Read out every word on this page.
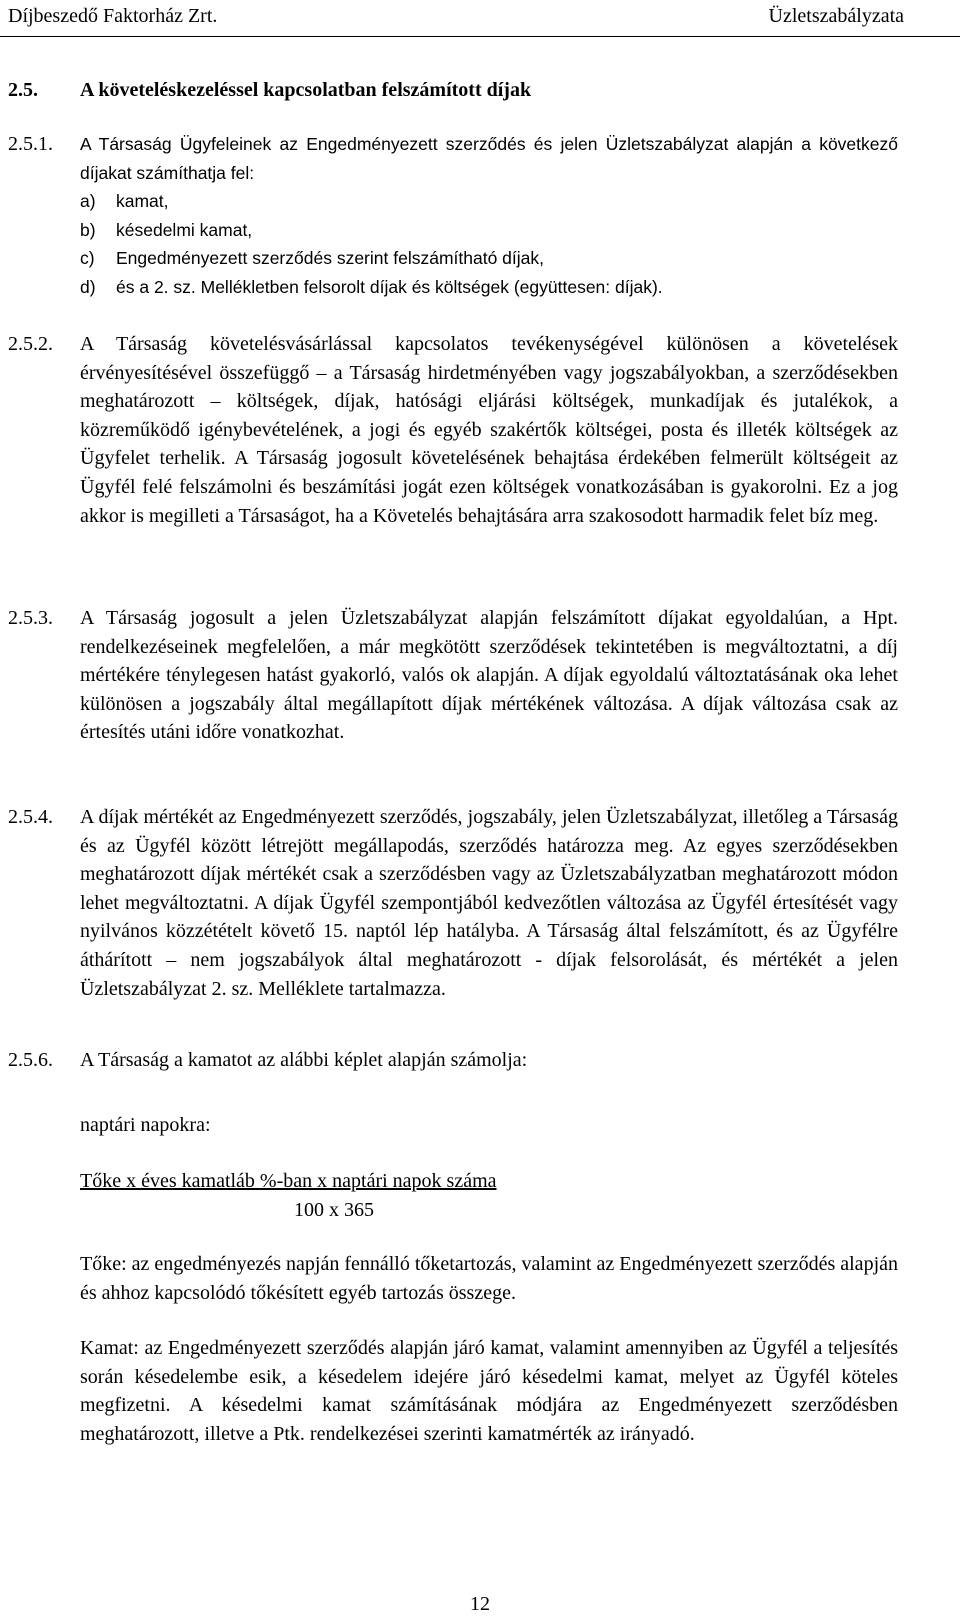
Díjbeszedő Faktorház Zrt.	Üzletszabályzata
2.5. A követeléskezeléssel kapcsolatban felszámított díjak
2.5.1. A Társaság Ügyfeleinek az Engedményezett szerződés és jelen Üzletszabályzat alapján a következő díjakat számíthatja fel:
a) kamat,
b) késedelmi kamat,
c) Engedményezett szerződés szerint felszámítható díjak,
d) és a 2. sz. Mellékletben felsorolt díjak és költségek (együttesen: díjak).
2.5.2. A Társaság követelésvásárlással kapcsolatos tevékenységével különösen a követelések érvényesítésével összefüggő – a Társaság hirdetményében vagy jogszabályokban, a szerződésekben meghatározott – költségek, díjak, hatósági eljárási költségek, munkadíjak és jutalékok, a közreműködő igénybevételének, a jogi és egyéb szakértők költségei, posta és illeték költségek az Ügyfelet terhelik. A Társaság jogosult követelésének behajtása érdekében felmerült költségeit az Ügyfél felé felszámolni és beszámítási jogát ezen költségek vonatkozásában is gyakorolni. Ez a jog akkor is megilleti a Társaságot, ha a Követelés behajtására arra szakosodott harmadik felet bíz meg.
2.5.3. A Társaság jogosult a jelen Üzletszabályzat alapján felszámított díjakat egyoldalúan, a Hpt. rendelkezéseinek megfelelően, a már megkötött szerződések tekintetében is megváltoztatni, a díj mértékére ténylegesen hatást gyakorló, valós ok alapján. A díjak egyoldalú változtatásának oka lehet különösen a jogszabály által megállapított díjak mértékének változása. A díjak változása csak az értesítés utáni időre vonatkozhat.
2.5.4. A díjak mértékét az Engedményezett szerződés, jogszabály, jelen Üzletszabályzat, illetőleg a Társaság és az Ügyfél között létrejött megállapodás, szerződés határozza meg. Az egyes szerződésekben meghatározott díjak mértékét csak a szerződésben vagy az Üzletszabályzatban meghatározott módon lehet megváltoztatni. A díjak Ügyfél szempontjából kedvezőtlen változása az Ügyfél értesítését vagy nyilvános közzétételt követő 15. naptól lép hatályba. A Társaság által felszámított, és az Ügyfélre áthárított – nem jogszabályok által meghatározott - díjak felsorolását, és mértékét a jelen Üzletszabályzat 2. sz. Melléklete tartalmazza.
2.5.6. A Társaság a kamatot az alábbi képlet alapján számolja:
naptári napokra:
Tőke x éves kamatláb %-ban x naptári napok száma
100 x 365
Tőke: az engedményezés napján fennálló tőketartozás, valamint az Engedményezett szerződés alapján és ahhoz kapcsolódó tőkésített egyéb tartozás összege.
Kamat: az Engedményezett szerződés alapján járó kamat, valamint amennyiben az Ügyfél a teljesítés során késedelembe esik, a késedelem idejére járó késedelmi kamat, melyet az Ügyfél köteles megfizetni. A késedelmi kamat számításának módjára az Engedményezett szerződésben meghatározott, illetve a Ptk. rendelkezései szerinti kamatmérték az irányadó.
12
